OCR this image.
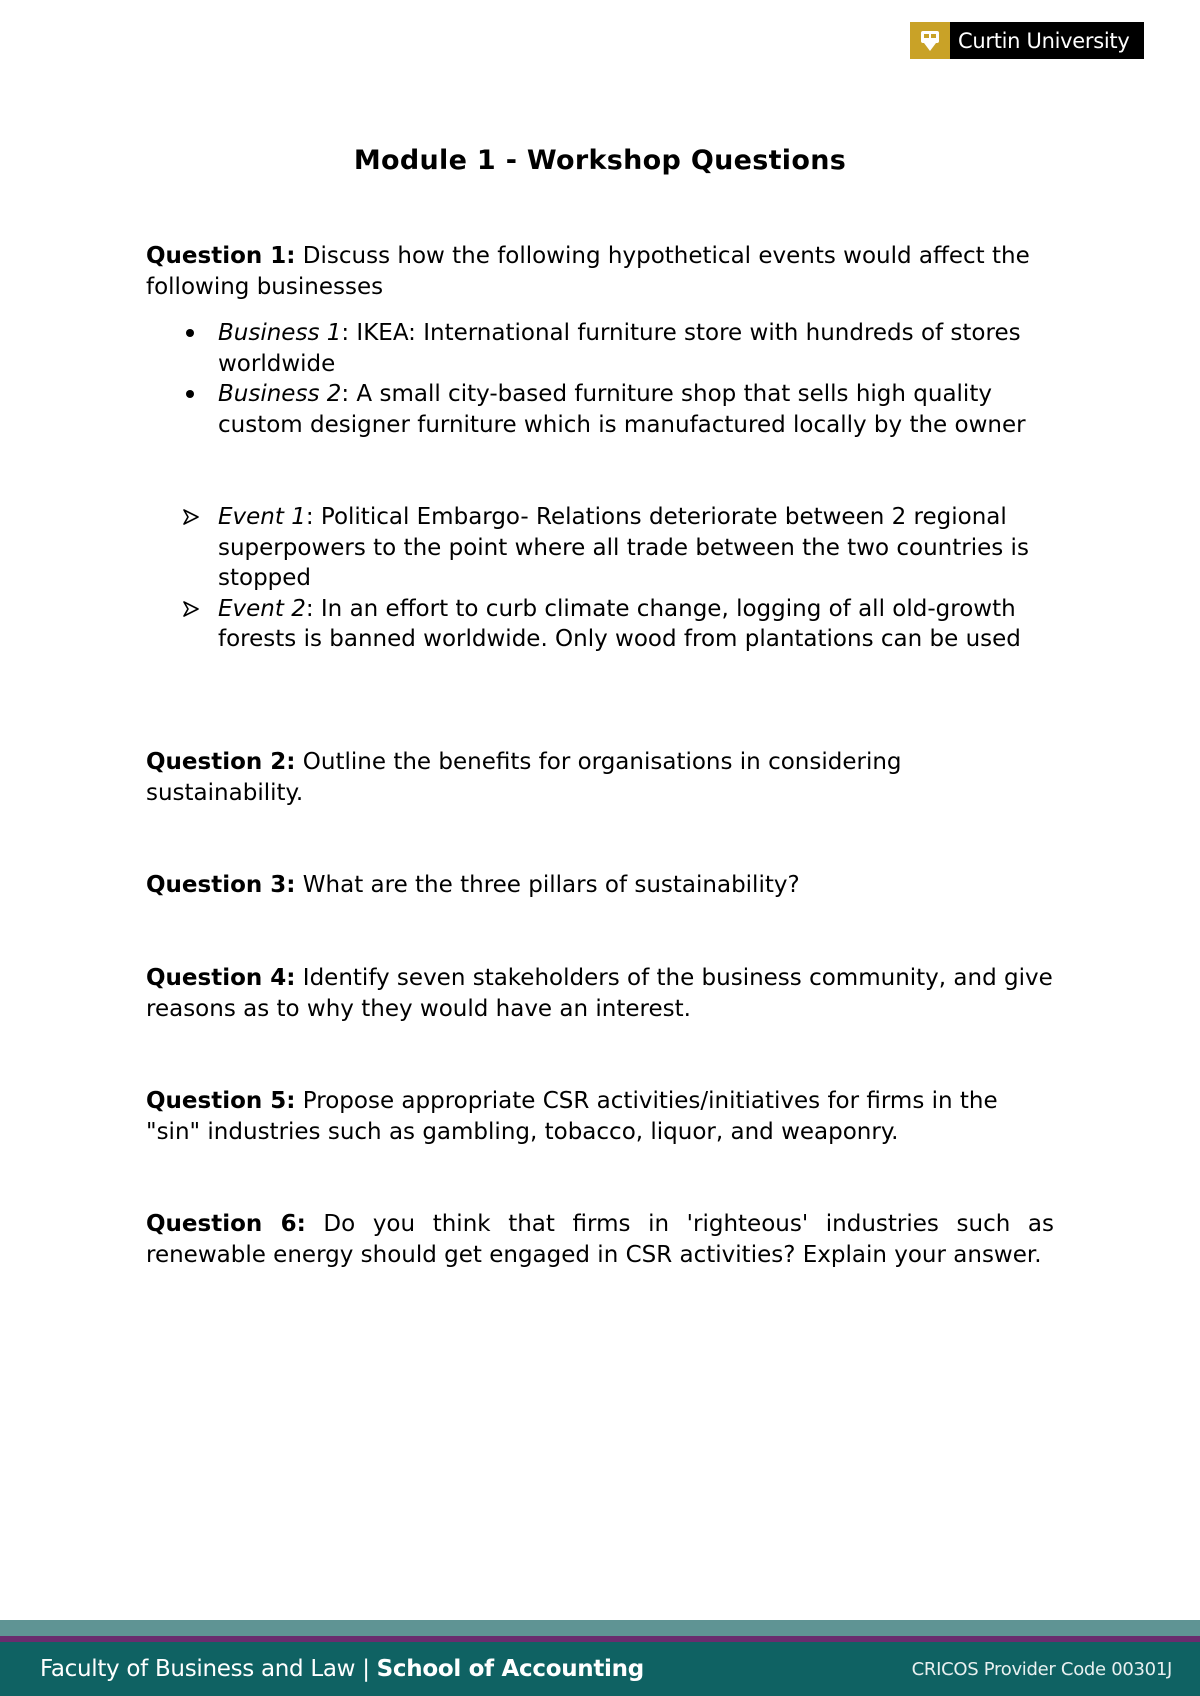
Curtin University
Module 1 - Workshop Questions
Question 1: Discuss how the following hypothetical events would affect the following businesses
Business 1: IKEA: International furniture store with hundreds of stores worldwide
Business 2: A small city-based furniture shop that sells high quality custom designer furniture which is manufactured locally by the owner
Event 1: Political Embargo- Relations deteriorate between 2 regional superpowers to the point where all trade between the two countries is stopped
Event 2: In an effort to curb climate change, logging of all old-growth forests is banned worldwide. Only wood from plantations can be used
Question 2: Outline the benefits for organisations in considering sustainability.
Question 3: What are the three pillars of sustainability?
Question 4: Identify seven stakeholders of the business community, and give reasons as to why they would have an interest.
Question 5: Propose appropriate CSR activities/initiatives for firms in the "sin" industries such as gambling, tobacco, liquor, and weaponry.
Question 6: Do you think that firms in 'righteous' industries such as renewable energy should get engaged in CSR activities? Explain your answer.
Faculty of Business and Law | School of Accounting	CRICOS Provider Code 00301J
